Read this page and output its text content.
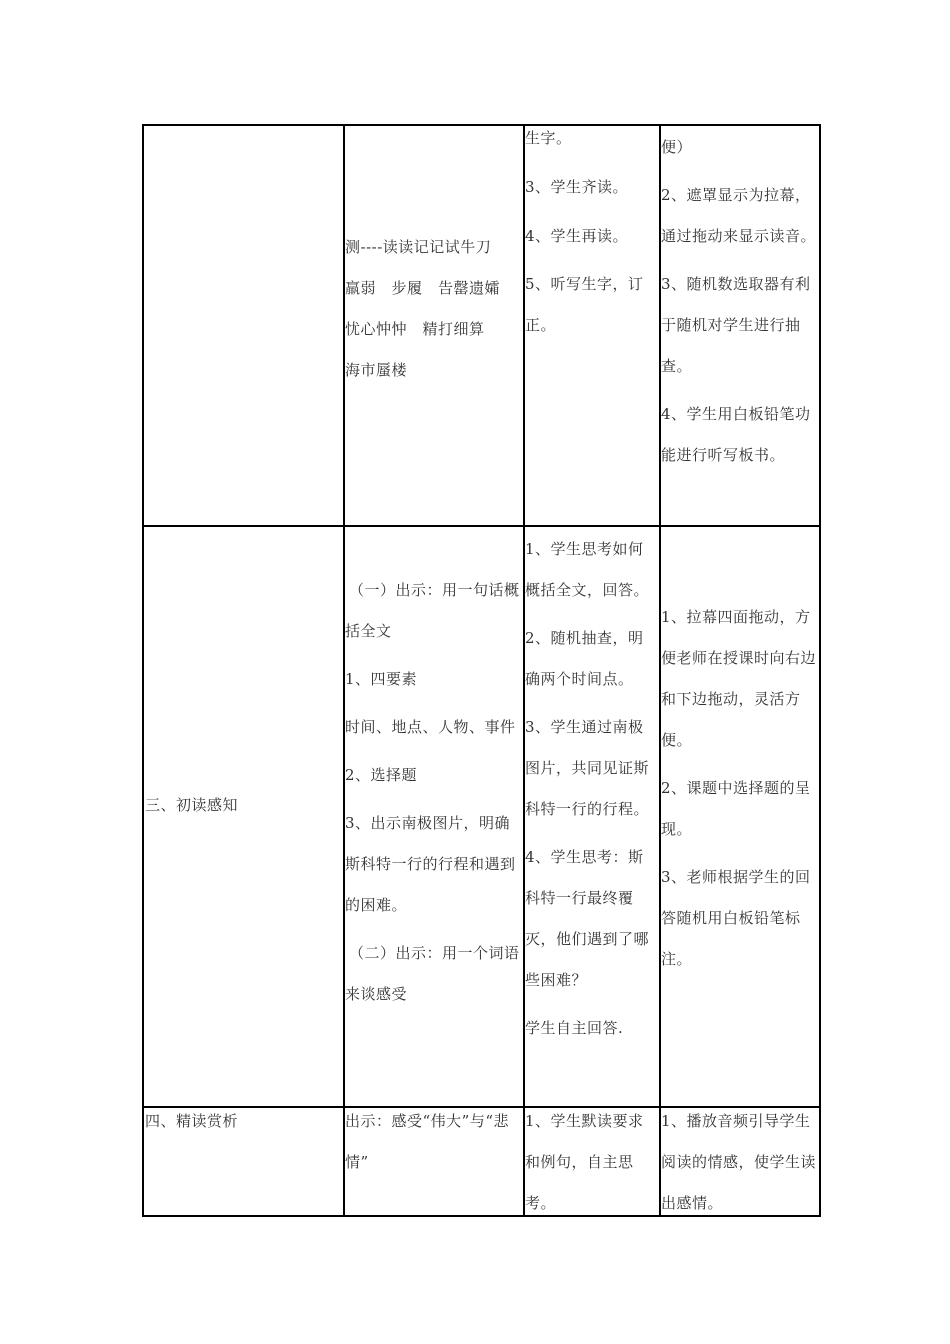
测----读读记记试牛刀

羸弱　步履　告罄遗孀

忧心忡忡　精打细算

海市蜃楼

生字。

3、学生齐读。

4、学生再读。

5、听写生字，订正。

便）

2、遮罩显示为拉幕，通过拖动来显示读音。

3、随机数选取器有利于随机对学生进行抽查。

4、学生用白板铅笔功能进行听写板书。

三、初读感知

（一）出示：用一句话概括全文

1、四要素

时间、地点、人物、事件

2、选择题

3、出示南极图片，明确斯科特一行的行程和遇到的困难。

（二）出示：用一个词语来谈感受

1、学生思考如何概括全文，回答。

2、随机抽查，明确两个时间点。

3、学生通过南极图片，共同见证斯科特一行的行程。

4、学生思考：斯科特一行最终覆灭，他们遇到了哪些困难？

学生自主回答.

1、拉幕四面拖动，方便老师在授课时向右边和下边拖动，灵活方便。

2、课题中选择题的呈现。

3、老师根据学生的回答随机用白板铅笔标注。

四、精读赏析	出示：感受“伟大”与“悲情”

1、学生默读要求和例句，自主思考。

1、播放音频引导学生阅读的情感，使学生读出感情。
